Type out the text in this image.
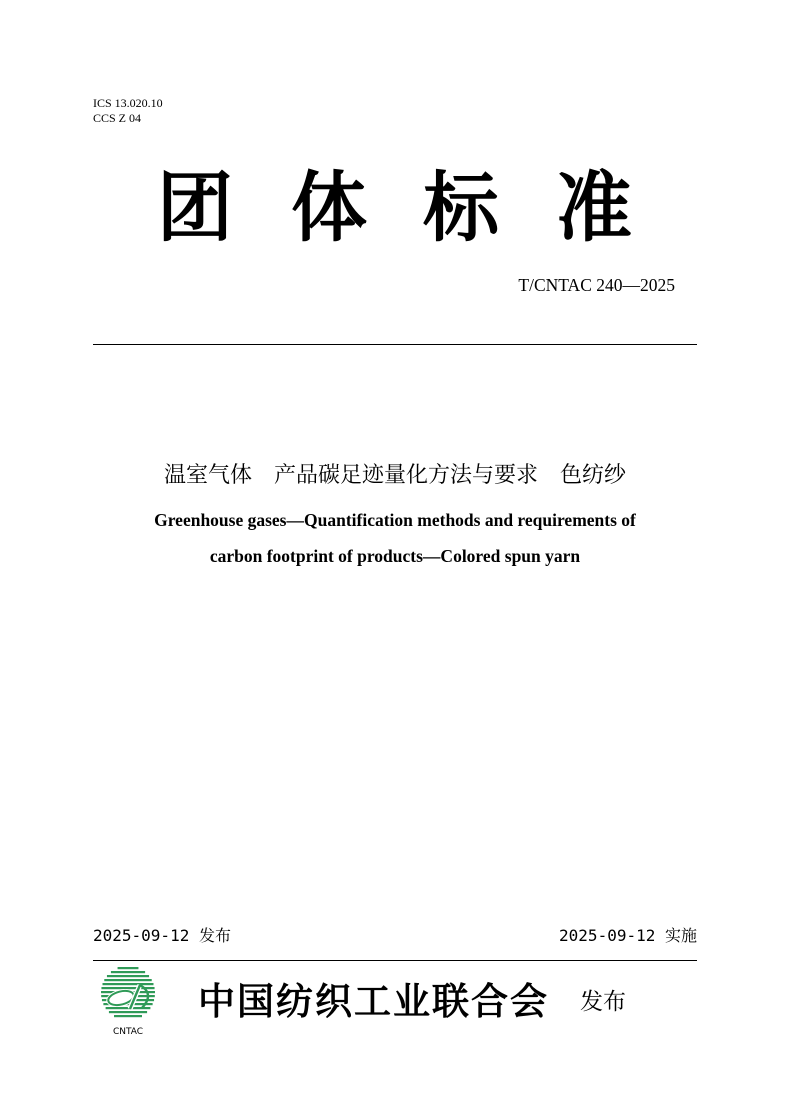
ICS 13.020.10
CCS Z 04
团 体 标 准
T/CNTAC 240—2025
温室气体　产品碳足迹量化方法与要求　色纺纱
Greenhouse gases—Quantification methods and requirements of
carbon footprint of products—Colored spun yarn
2025-09-12 发布	2025-09-12 实施
CNTAC
中国纺织工业联合会 发布
